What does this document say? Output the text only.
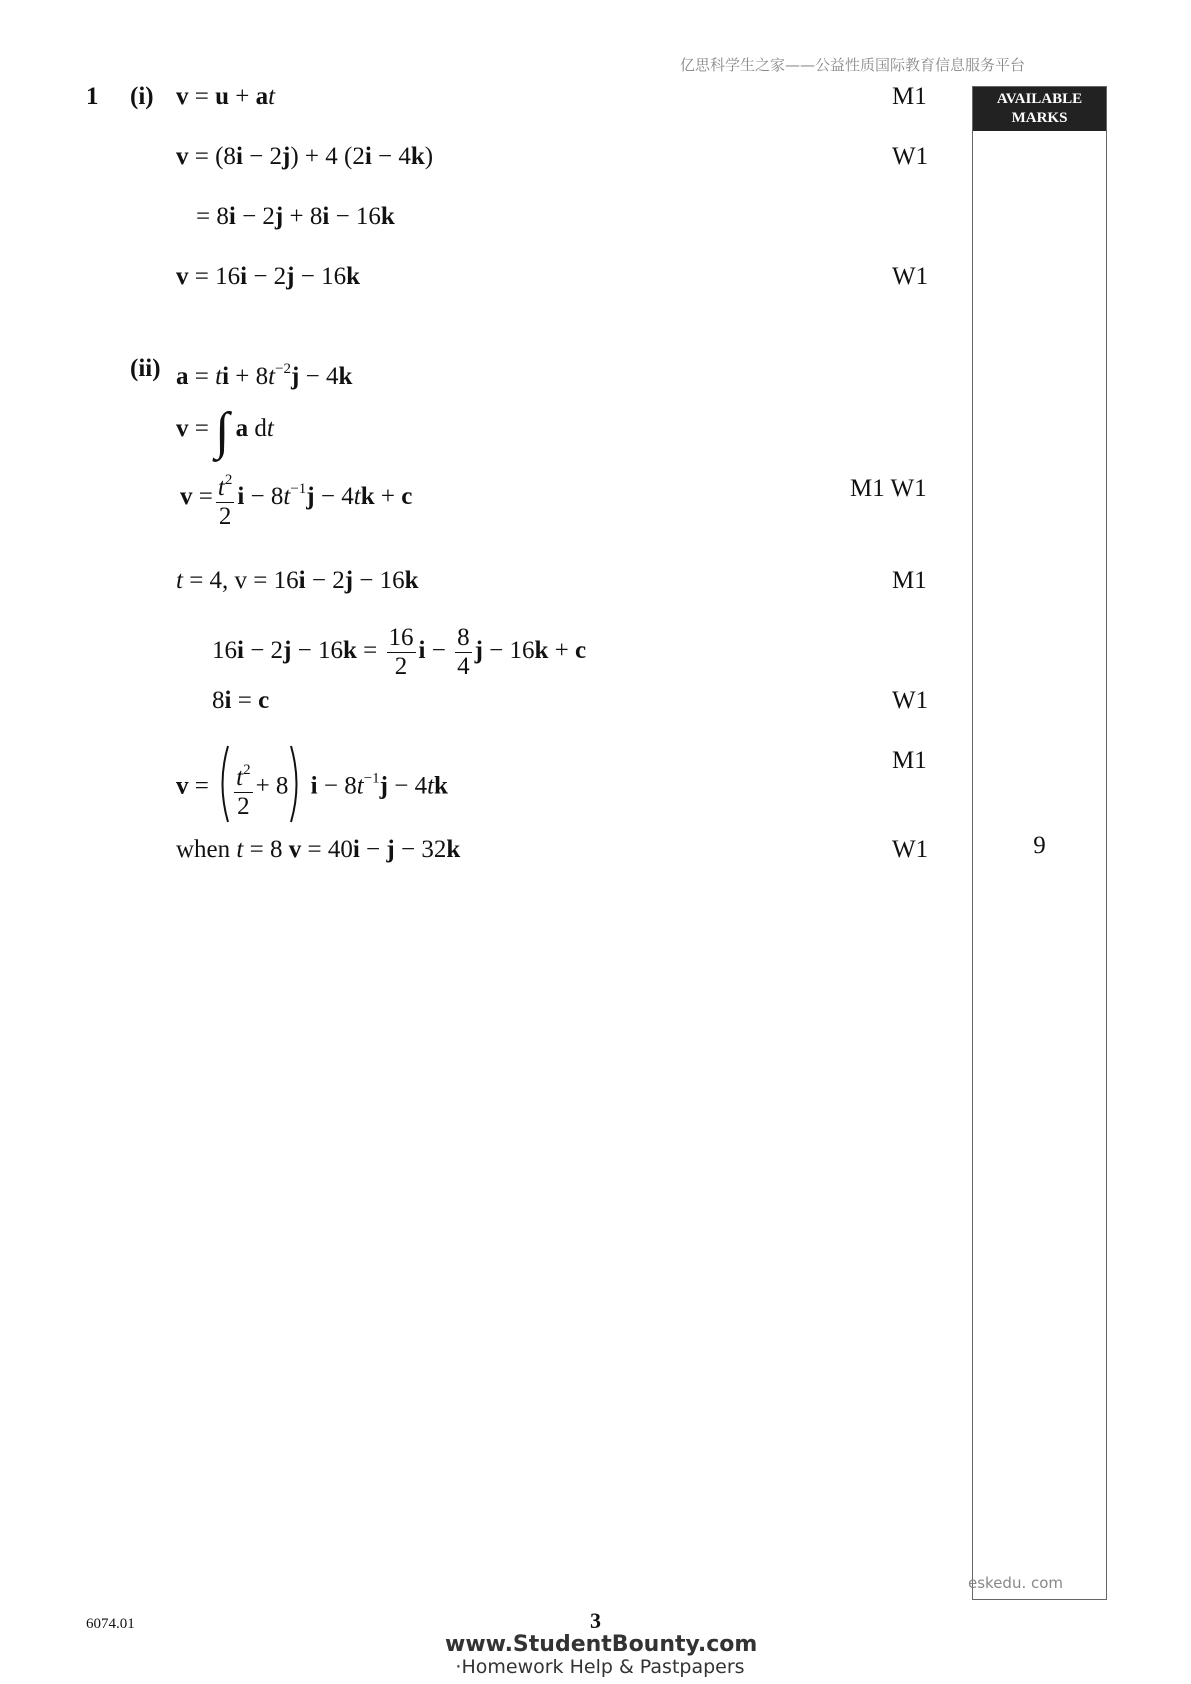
亿思科学生之家——公益性质国际教育信息服务平台
AVAILABLE
MARKS
9
1 (i)
(ii)
v = u + at
v = (8i − 2j) + 4 (2i − 4k)
= 8i − 2j + 8i − 16k
v = 16i − 2j − 16k
a = ti + $8t^{-2}j - 4k$
v = ∫ a dt
$v = \frac{t^2}{2}$ $i - 8t^{-1}j - 4tk + c$
t = 4, v = 16i − 2j − 16k
$16i - 2j - 16k = \frac{16}{2}$ $i - \frac{8}{4}$ j − 16k + c
8i = c
$v = \frac{t^2}{2} + 8$ $i - 8t^{-1}j - 4tk$
when t = 8 v = 40i − j − 32k
M1
W1
W1
M1 W1
M1
W1
M1
W1
eskedu. com
6074.01	3
www.StudentBounty.com
·Homework Help & Pastpapers
